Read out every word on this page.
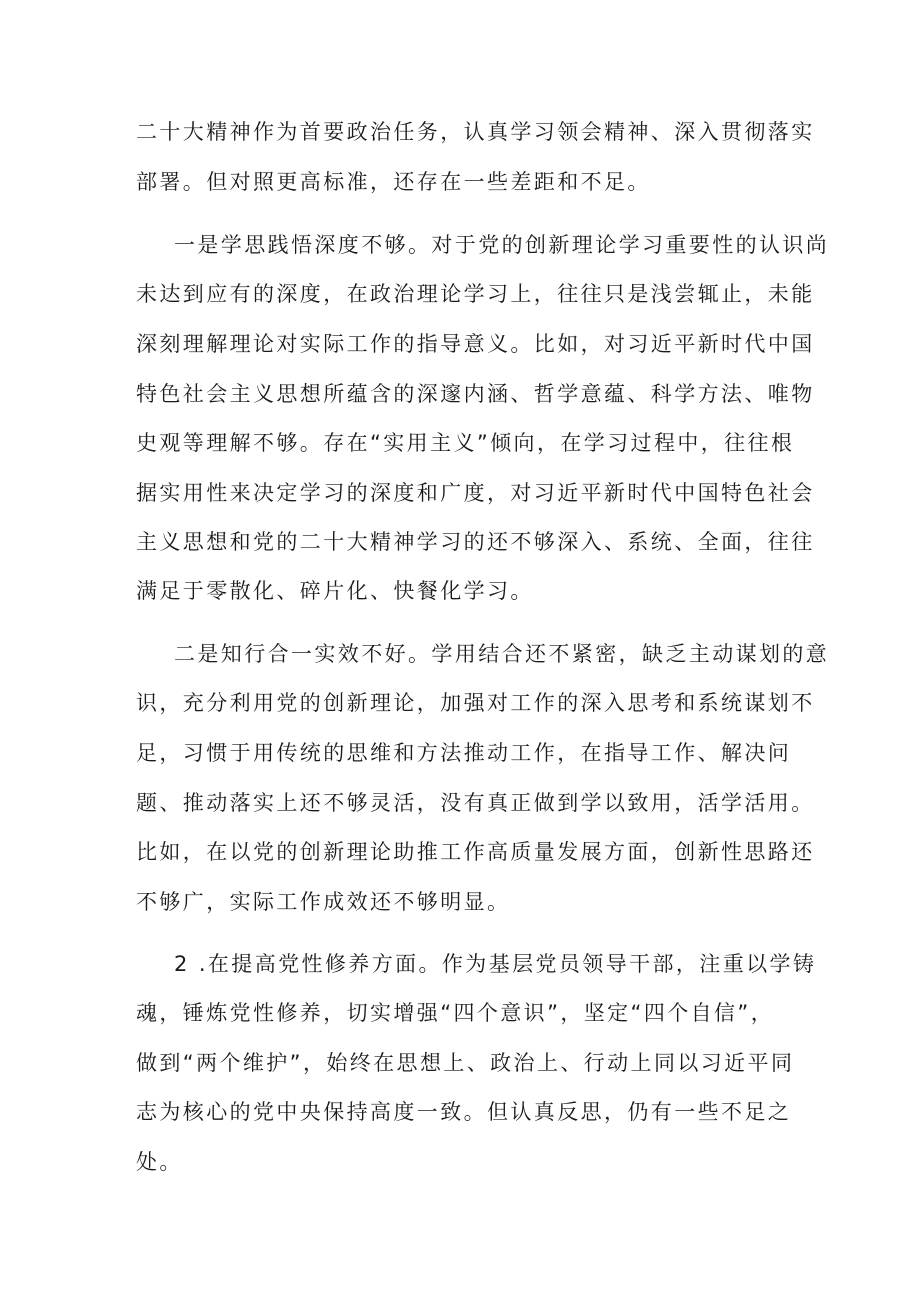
二十大精神作为首要政治任务，认真学习领会精神、深入贯彻落实
部署。但对照更高标准，还存在一些差距和不足。
一是学思践悟深度不够。对于党的创新理论学习重要性的认识尚
未达到应有的深度，在政治理论学习上，往往只是浅尝辄止，未能
深刻理解理论对实际工作的指导意义。比如，对习近平新时代中国
特色社会主义思想所蕴含的深邃内涵、哲学意蕴、科学方法、唯物
史观等理解不够。存在“实用主义”倾向，在学习过程中，往往根
据实用性来决定学习的深度和广度，对习近平新时代中国特色社会
主义思想和党的二十大精神学习的还不够深入、系统、全面，往往
满足于零散化、碎片化、快餐化学习。
二是知行合一实效不好。学用结合还不紧密，缺乏主动谋划的意
识，充分利用党的创新理论，加强对工作的深入思考和系统谋划不
足，习惯于用传统的思维和方法推动工作，在指导工作、解决问
题、推动落实上还不够灵活，没有真正做到学以致用，活学活用。
比如，在以党的创新理论助推工作高质量发展方面，创新性思路还
不够广，实际工作成效还不够明显。
2 .在提高党性修养方面。作为基层党员领导干部，注重以学铸
魂，锤炼党性修养，切实增强“四个意识”，坚定“四个自信”，
做到“两个维护”，始终在思想上、政治上、行动上同以习近平同
志为核心的党中央保持高度一致。但认真反思，仍有一些不足之
处。
